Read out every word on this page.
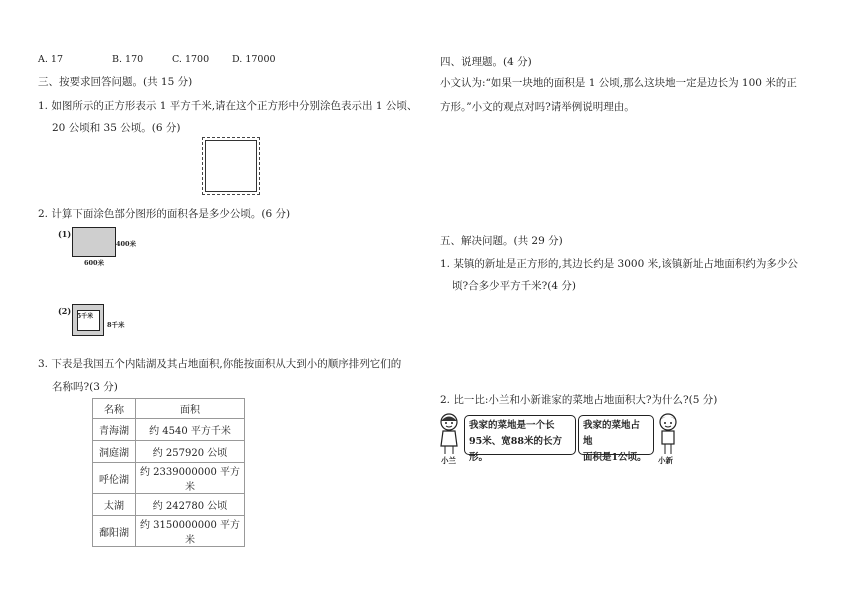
A. 17	B. 170	C. 1700 D. 17000
三、按要求回答问题。(共 15 分)
1. 如图所示的正方形表示 1 平方千米,请在这个正方形中分别涂色表示出 1 公顷、
20 公顷和 35 公顷。(6 分)
2. 计算下面涂色部分图形的面积各是多少公顷。(6 分)
(1)
400米
600米
(2)
5千米
8千米
3. 下表是我国五个内陆湖及其占地面积,你能按面积从大到小的顺序排列它们的
名称吗?(3 分)
名称	面积
青海湖	约 4540 平方千米
洞庭湖	约 257920 公顷
呼伦湖	约 2339000000 平方米
太湖	约 242780 公顷
鄱阳湖	约 3150000000 平方米
四、说理题。(4 分)
小文认为:“如果一块地的面积是 1 公顷,那么这块地一定是边长为 100 米的正
方形。”小文的观点对吗?请举例说明理由。
五、解决问题。(共 29 分)
1. 某镇的新址是正方形的,其边长约是 3000 米,该镇新址占地面积约为多少公
顷?合多少平方千米?(4 分)
2. 比一比:小兰和小新谁家的菜地占地面积大?为什么?(5 分)
小兰
我家的菜地是一个长
95米、宽88米的长方形。
我家的菜地占地
面积是1公顷。	小新
